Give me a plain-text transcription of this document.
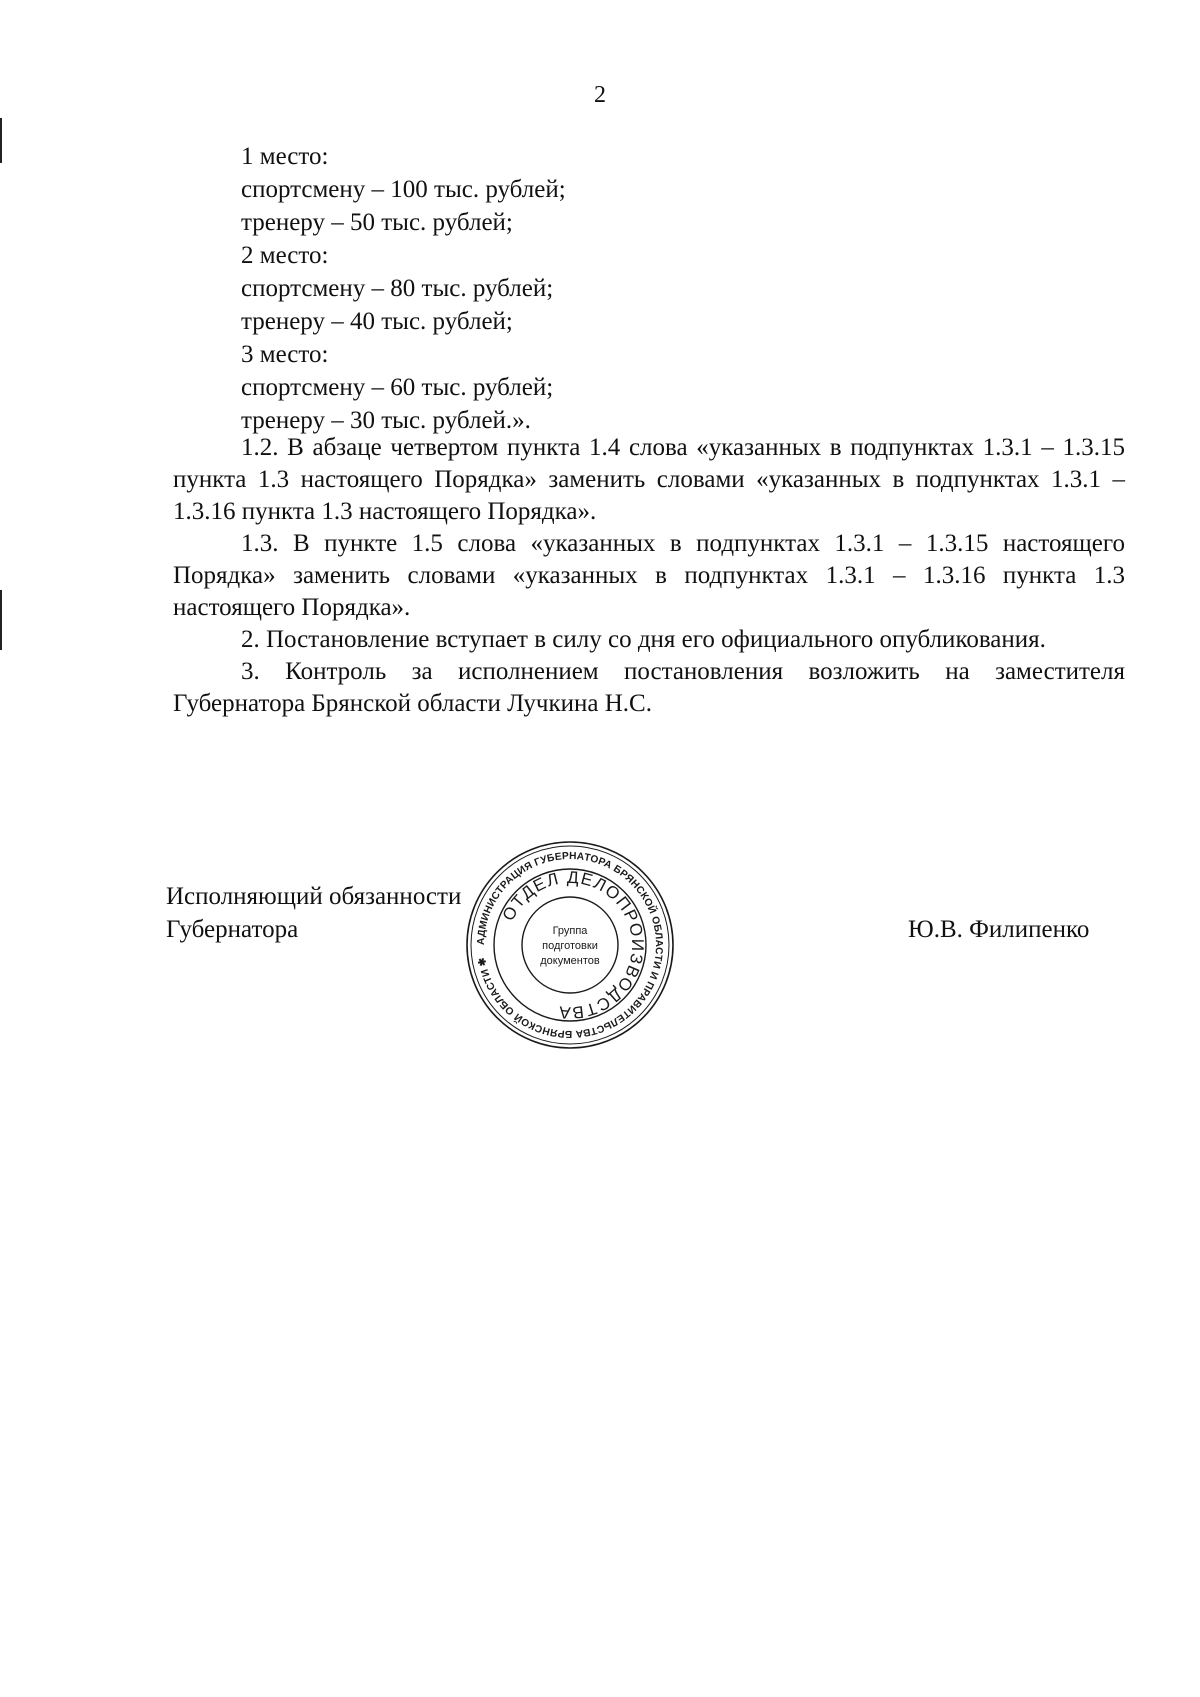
2
1 место:
спортсмену – 100 тыс. рублей;
тренеру – 50 тыс. рублей;
2 место:
спортсмену – 80 тыс. рублей;
тренеру – 40 тыс. рублей;
3 место:
спортсмену – 60 тыс. рублей;
тренеру – 30 тыс. рублей.».

1.2. В абзаце четвертом пункта 1.4 слова «указанных в подпунктах 1.3.1 – 1.3.15 пункта 1.3 настоящего Порядка» заменить словами «указанных в подпунктах 1.3.1 – 1.3.16 пункта 1.3 настоящего Порядка».

1.3. В пункте 1.5 слова «указанных в подпунктах 1.3.1 – 1.3.15 настоящего Порядка» заменить словами «указанных в подпунктах 1.3.1 – 1.3.16 пункта 1.3 настоящего Порядка».

2. Постановление вступает в силу со дня его официального опубликования.

3. Контроль за исполнением постановления возложить на заместителя Губернатора Брянской области Лучкина Н.С.

Исполняющий обязанности
Губернатора	Ю.В. Филипенко
АДМИНИСТРАЦИЯ ГУБЕРНАТОРА БРЯНСКОЙ ОБЛАСТИ И ПРАВИТЕЛЬСТВА БРЯНСКОЙ ОБЛАСТИ ✱
ОТДЕЛ ДЕЛОПРОИЗВОДСТВА
Группа
подготовки
документов
